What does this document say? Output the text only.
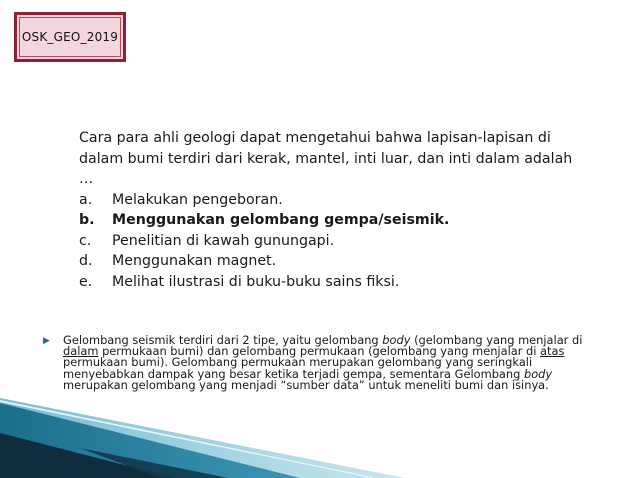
OSK_GEO_2019

Cara para ahli geologi dapat mengetahui bahwa lapisan-lapisan di dalam bumi terdiri dari kerak, mantel, inti luar, dan inti dalam adalah …

a.	Melakukan pengeboran.
b.	Menggunakan gelombang gempa/seismik.
c.	Penelitian di kawah gunungapi.
d.	Menggunakan magnet.
e.	Melihat ilustrasi di buku-buku sains fiksi.
▶	Gelombang seismik terdiri dari 2 tipe, yaitu gelombang body (gelombang yang menjalar di dalam permukaan bumi) dan gelombang permukaan (gelombang yang menjalar di atas permukaan bumi). Gelombang permukaan merupakan gelombang yang seringkali menyebabkan dampak yang besar ketika terjadi gempa, sementara Gelombang body merupakan gelombang yang menjadi “sumber data” untuk meneliti bumi dan isinya.
